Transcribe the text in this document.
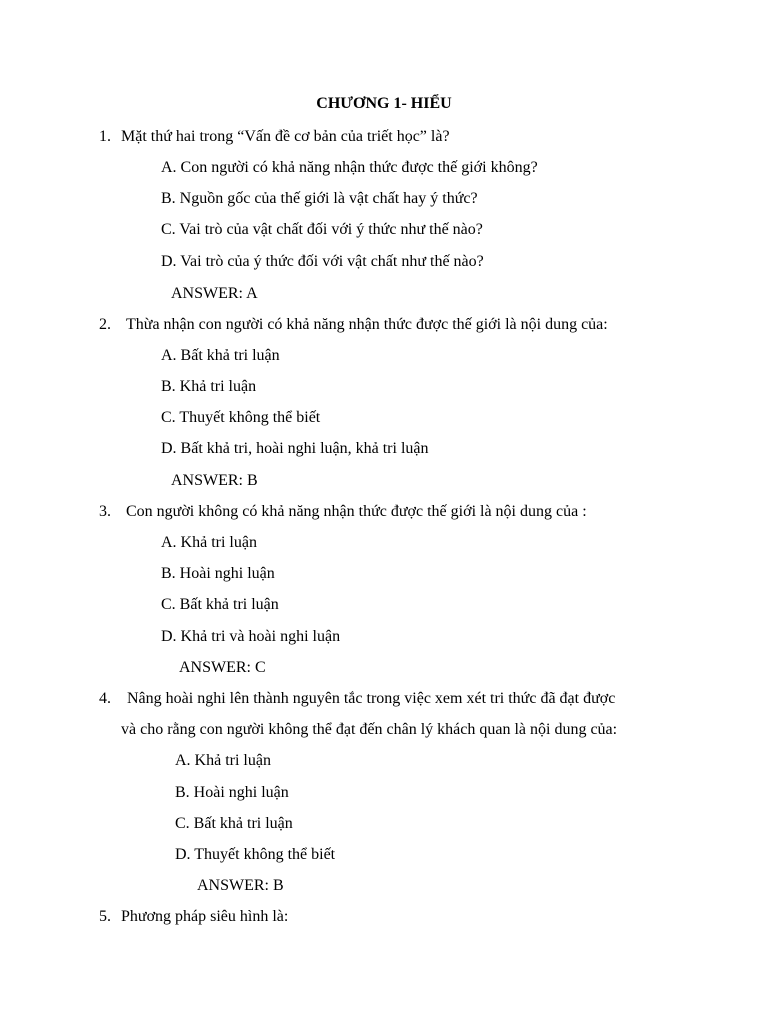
CHƯƠNG 1- HIỂU
1. Mặt thứ hai trong “Vấn đề cơ bản của triết học” là?
A. Con người có khả năng nhận thức được thế giới không?
B. Nguồn gốc của thế giới là vật chất hay ý thức?
C. Vai trò của vật chất đối với ý thức như thế nào?
D. Vai trò của ý thức đối với vật chất như thế nào?
ANSWER: A
2. Thừa nhận con người có khả năng nhận thức được thế giới là nội dung của:
A. Bất khả tri luận
B. Khả tri luận
C. Thuyết không thể biết
D. Bất khả tri, hoài nghi luận, khả tri luận
ANSWER: B
3. Con người không có khả năng nhận thức được thế giới là nội dung của :
A. Khả tri luận
B. Hoài nghi luận
C. Bất khả tri luận
D. Khả tri và hoài nghi luận
ANSWER: C
4. Nâng hoài nghi lên thành nguyên tắc trong việc xem xét tri thức đã đạt được
và cho rằng con người không thể đạt đến chân lý khách quan là nội dung của:
A. Khả tri luận
B. Hoài nghi luận
C. Bất khả tri luận
D. Thuyết không thể biết
ANSWER: B
5. Phương pháp siêu hình là:
